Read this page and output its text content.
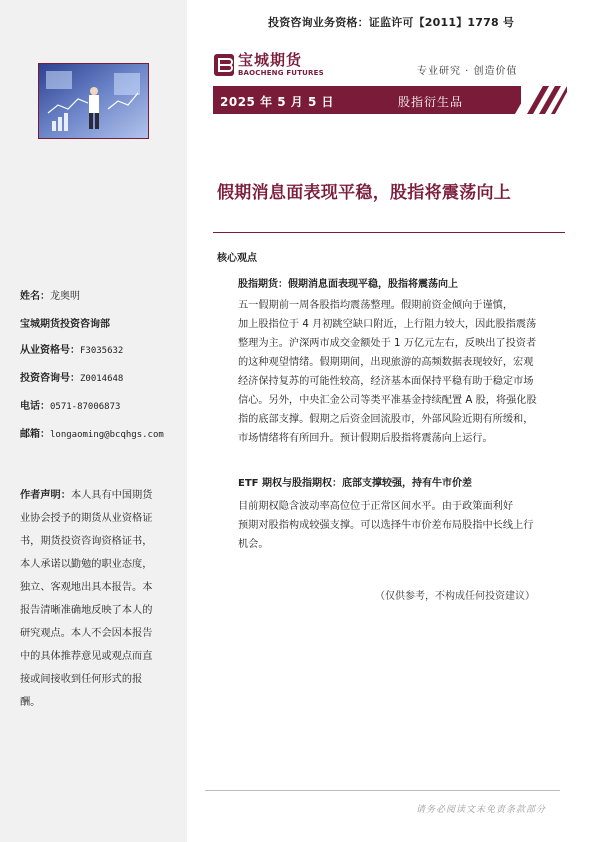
投资咨询业务资格：证监许可【2011】1778 号
宝城期货
BAOCHENG FUTURES	专业研究 · 创造价值
2025 年 5 月 5 日	股指衍生品
假期消息面表现平稳，股指将震荡向上
核心观点
股指期货：假期消息面表现平稳，股指将震荡向上
五一假期前一周各股指均震荡整理。假期前资金倾向于谨慎，
加上股指位于 4 月初跳空缺口附近，上行阻力较大，因此股指震荡
整理为主。沪深两市成交金额处于 1 万亿元左右，反映出了投资者
的这种观望情绪。假期期间，出现旅游的高频数据表现较好，宏观
经济保持复苏的可能性较高，经济基本面保持平稳有助于稳定市场
信心。另外，中央汇金公司等类平准基金持续配置 A 股，将强化股
指的底部支撑。假期之后资金回流股市，外部风险近期有所缓和，
市场情绪将有所回升。预计假期后股指将震荡向上运行。
ETF 期权与股指期权：底部支撑较强，持有牛市价差
目前期权隐含波动率高位位于正常区间水平。由于政策面利好
预期对股指构成较强支撑。可以选择牛市价差布局股指中长线上行
机会。
（仅供参考，不构成任何投资建议）
请务必阅读文末免责条款部分
姓名：龙奥明
宝城期货投资咨询部
从业资格号：F3035632
投资咨询号：Z0014648
电话：0571-87006873
邮箱：longaoming@bcqhgs.com
作者声明：本人具有中国期货
业协会授予的期货从业资格证
书，期货投资咨询资格证书，
本人承诺以勤勉的职业态度，
独立、客观地出具本报告。本
报告清晰准确地反映了本人的
研究观点。本人不会因本报告
中的具体推荐意见或观点而直
接或间接收到任何形式的报
酬。
